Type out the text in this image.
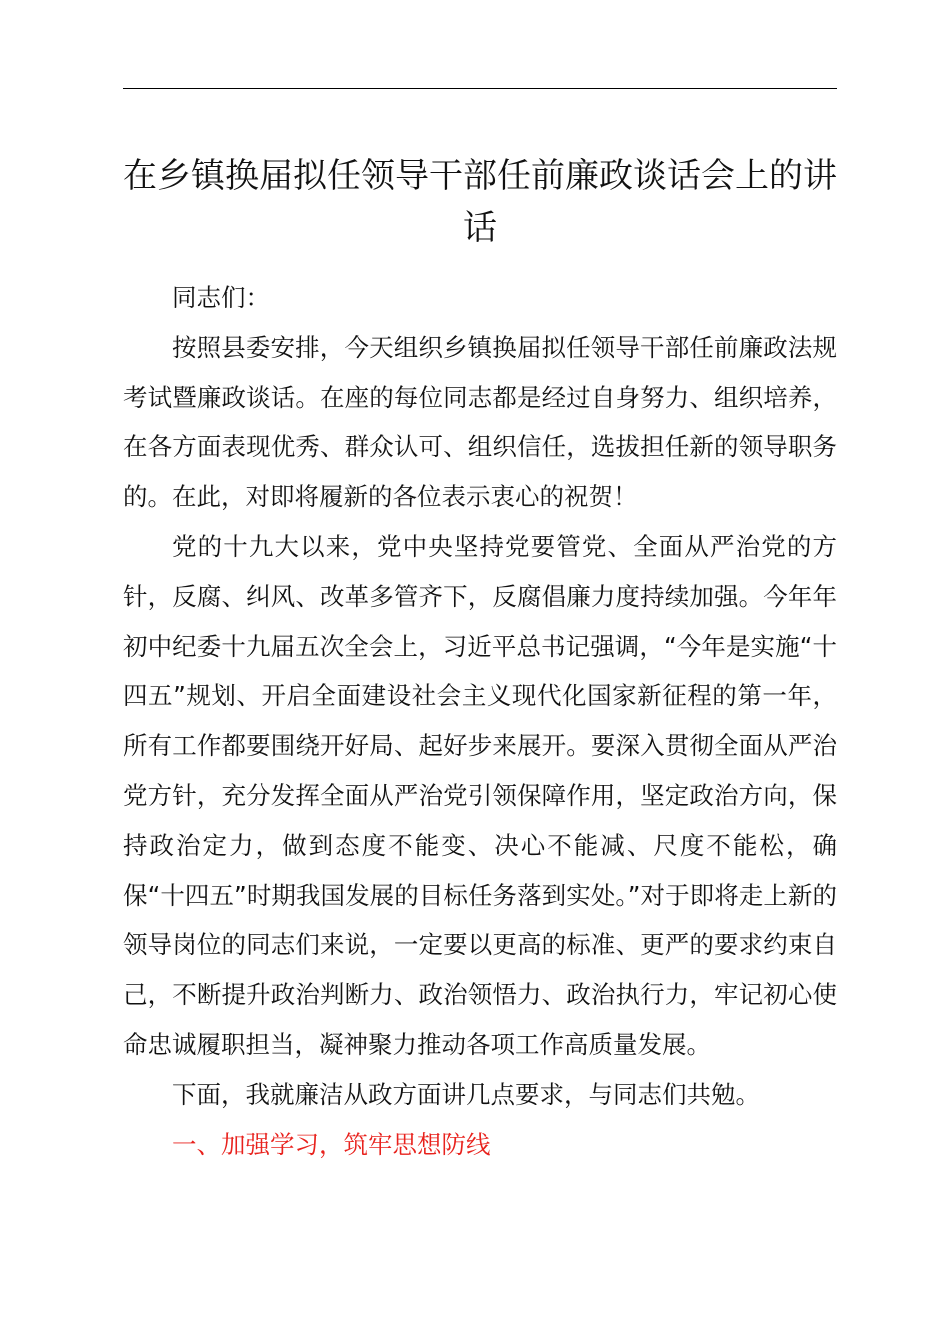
在乡镇换届拟任领导干部任前廉政谈话会上的讲话

同志们：

按照县委安排，今天组织乡镇换届拟任领导干部任前廉政法规考试暨廉政谈话。在座的每位同志都是经过自身努力、组织培养，在各方面表现优秀、群众认可、组织信任，选拔担任新的领导职务的。在此，对即将履新的各位表示衷心的祝贺！

党的十九大以来，党中央坚持党要管党、全面从严治党的方针，反腐、纠风、改革多管齐下，反腐倡廉力度持续加强。今年年初中纪委十九届五次全会上，习近平总书记强调，“今年是实施“十四五”规划、开启全面建设社会主义现代化国家新征程的第一年，所有工作都要围绕开好局、起好步来展开。要深入贯彻全面从严治党方针，充分发挥全面从严治党引领保障作用，坚定政治方向，保持政治定力，做到态度不能变、决心不能减、尺度不能松，确保“十四五”时期我国发展的目标任务落到实处。”对于即将走上新的领导岗位的同志们来说，一定要以更高的标准、更严的要求约束自己，不断提升政治判断力、政治领悟力、政治执行力，牢记初心使命忠诚履职担当，凝神聚力推动各项工作高质量发展。

下面，我就廉洁从政方面讲几点要求，与同志们共勉。

一、加强学习，筑牢思想防线
